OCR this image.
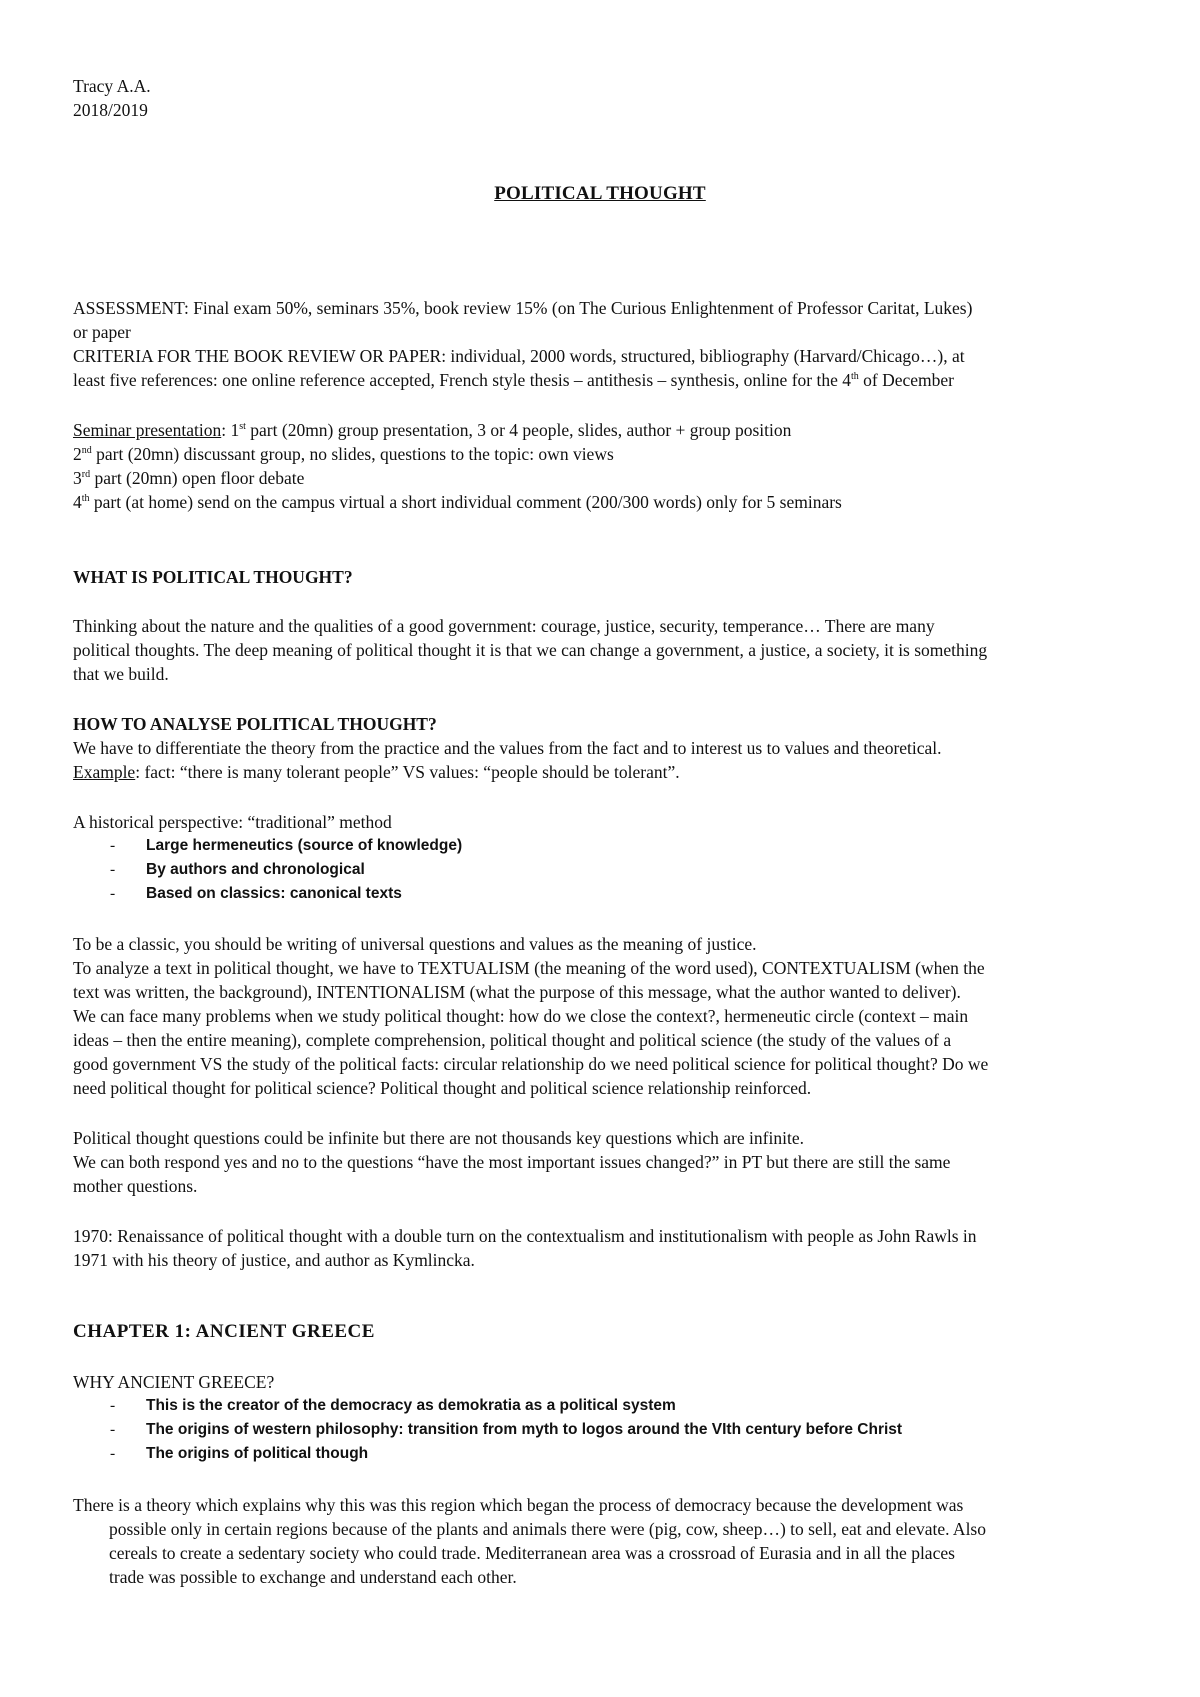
Tracy A.A.
2018/2019
POLITICAL THOUGHT
ASSESSMENT: Final exam 50%, seminars 35%, book review 15% (on The Curious Enlightenment of Professor Caritat, Lukes)
or paper
CRITERIA FOR THE BOOK REVIEW OR PAPER: individual, 2000 words, structured, bibliography (Harvard/Chicago…), at
least five references: one online reference accepted, French style thesis – antithesis – synthesis, online for the 4th of December
Seminar presentation: 1st part (20mn) group presentation, 3 or 4 people, slides, author + group position
2nd part (20mn) discussant group, no slides, questions to the topic: own views
3rd part (20mn) open floor debate
4th part (at home) send on the campus virtual a short individual comment (200/300 words) only for 5 seminars
WHAT IS POLITICAL THOUGHT?
Thinking about the nature and the qualities of a good government: courage, justice, security, temperance… There are many
political thoughts. The deep meaning of political thought it is that we can change a government, a justice, a society, it is something
that we build.
HOW TO ANALYSE POLITICAL THOUGHT?
We have to differentiate the theory from the practice and the values from the fact and to interest us to values and theoretical.
Example: fact: “there is many tolerant people” VS values: “people should be tolerant”.
A historical perspective: “traditional” method
- Large hermeneutics (source of knowledge)
- By authors and chronological
- Based on classics: canonical texts
To be a classic, you should be writing of universal questions and values as the meaning of justice.
To analyze a text in political thought, we have to TEXTUALISM (the meaning of the word used), CONTEXTUALISM (when the
text was written, the background), INTENTIONALISM (what the purpose of this message, what the author wanted to deliver).
We can face many problems when we study political thought: how do we close the context?, hermeneutic circle (context – main
ideas – then the entire meaning), complete comprehension, political thought and political science (the study of the values of a
good government VS the study of the political facts: circular relationship do we need political science for political thought? Do we
need political thought for political science? Political thought and political science relationship reinforced.
Political thought questions could be infinite but there are not thousands key questions which are infinite.
We can both respond yes and no to the questions “have the most important issues changed?” in PT but there are still the same
mother questions.
1970: Renaissance of political thought with a double turn on the contextualism and institutionalism with people as John Rawls in
1971 with his theory of justice, and author as Kymlincka.
CHAPTER 1: ANCIENT GREECE
WHY ANCIENT GREECE?
- This is the creator of the democracy as demokratia as a political system
- The origins of western philosophy: transition from myth to logos around the VIth century before Christ
- The origins of political though
There is a theory which explains why this was this region which began the process of democracy because the development was
possible only in certain regions because of the plants and animals there were (pig, cow, sheep…) to sell, eat and elevate. Also
cereals to create a sedentary society who could trade. Mediterranean area was a crossroad of Eurasia and in all the places
trade was possible to exchange and understand each other.
